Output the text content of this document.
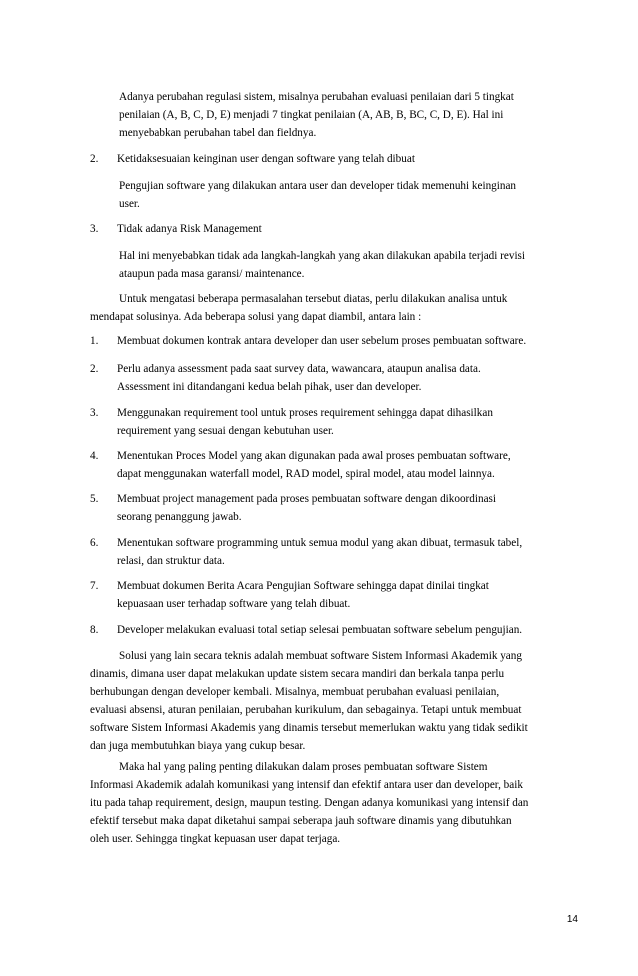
Adanya perubahan regulasi sistem, misalnya perubahan evaluasi penilaian dari 5 tingkat
penilaian (A, B, C, D, E) menjadi 7 tingkat penilaian (A, AB, B, BC, C, D, E). Hal ini
menyebabkan perubahan tabel dan fieldnya.

2. Ketidaksesuaian keinginan user dengan software yang telah dibuat

Pengujian software yang dilakukan antara user dan developer tidak memenuhi keinginan
user.

3. Tidak adanya Risk Management

Hal ini menyebabkan tidak ada langkah-langkah yang akan dilakukan apabila terjadi revisi
ataupun pada masa garansi/ maintenance.

Untuk mengatasi beberapa permasalahan tersebut diatas, perlu dilakukan analisa untuk
mendapat solusinya. Ada beberapa solusi yang dapat diambil, antara lain :

1. Membuat dokumen kontrak antara developer dan user sebelum proses pembuatan software.

2. Perlu adanya assessment pada saat survey data, wawancara, ataupun analisa data.
Assessment ini ditandangani kedua belah pihak, user dan developer.

3. Menggunakan requirement tool untuk proses requirement sehingga dapat dihasilkan
requirement yang sesuai dengan kebutuhan user.

4. Menentukan Proces Model yang akan digunakan pada awal proses pembuatan software,
dapat menggunakan waterfall model, RAD model, spiral model, atau model lainnya.

5. Membuat project management pada proses pembuatan software dengan dikoordinasi
seorang penanggung jawab.

6. Menentukan software programming untuk semua modul yang akan dibuat, termasuk tabel,
relasi, dan struktur data.

7. Membuat dokumen Berita Acara Pengujian Software sehingga dapat dinilai tingkat
kepuasaan user terhadap software yang telah dibuat.

8. Developer melakukan evaluasi total setiap selesai pembuatan software sebelum pengujian.

Solusi yang lain secara teknis adalah membuat software Sistem Informasi Akademik yang
dinamis, dimana user dapat melakukan update sistem secara mandiri dan berkala tanpa perlu
berhubungan dengan developer kembali. Misalnya, membuat perubahan evaluasi penilaian,
evaluasi absensi, aturan penilaian, perubahan kurikulum, dan sebagainya. Tetapi untuk membuat
software Sistem Informasi Akademis yang dinamis tersebut memerlukan waktu yang tidak sedikit
dan juga membutuhkan biaya yang cukup besar.

Maka hal yang paling penting dilakukan dalam proses pembuatan software Sistem
Informasi Akademik adalah komunikasi yang intensif dan efektif antara user dan developer, baik
itu pada tahap requirement, design, maupun testing. Dengan adanya komunikasi yang intensif dan
efektif tersebut maka dapat diketahui sampai seberapa jauh software dinamis yang dibutuhkan
oleh user. Sehingga tingkat kepuasan user dapat terjaga.

14
